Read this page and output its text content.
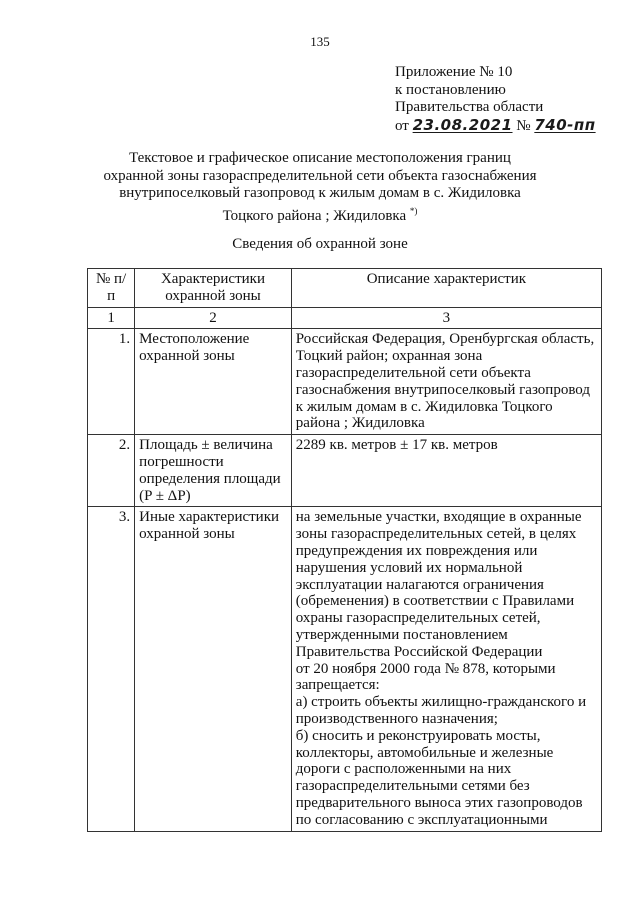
135
Приложение № 10
к постановлению
Правительства области
от 23.08.2021 № 740-пп
Текстовое и графическое описание местоположения границ
охранной зоны газораспределительной сети объекта газоснабжения
внутрипоселковый газопровод к жилым домам в с. Жидиловка
Тоцкого района ; Жидиловка *)
Сведения об охранной зоне
№ п/п	Характеристики охранной зоны	Описание характеристик
1	2	3
1.	Местоположение охранной зоны	Российская Федерация, Оренбургская область, Тоцкий район; охранная зона газораспределительной сети объекта газоснабжения внутрипоселковый газопровод к жилым домам в с. Жидиловка Тоцкого района ; Жидиловка
2.	Площадь ± величина погрешности определения площади (P ± ΔP)	2289 кв. метров ± 17 кв. метров
3.	Иные характеристики охранной зоны	на земельные участки, входящие в охранные зоны газораспределительных сетей, в целях предупреждения их повреждения или нарушения условий их нормальной эксплуатации налагаются ограничения (обременения) в соответствии с Правилами охраны газораспределительных сетей, утвержденными постановлением Правительства Российской Федерации
от 20 ноября 2000 года № 878, которыми запрещается:
а) строить объекты жилищно-гражданского и производственного назначения;
б) сносить и реконструировать мосты, коллекторы, автомобильные и железные дороги с расположенными на них газораспределительными сетями без предварительного выноса этих газопроводов по согласованию с эксплуатационными
